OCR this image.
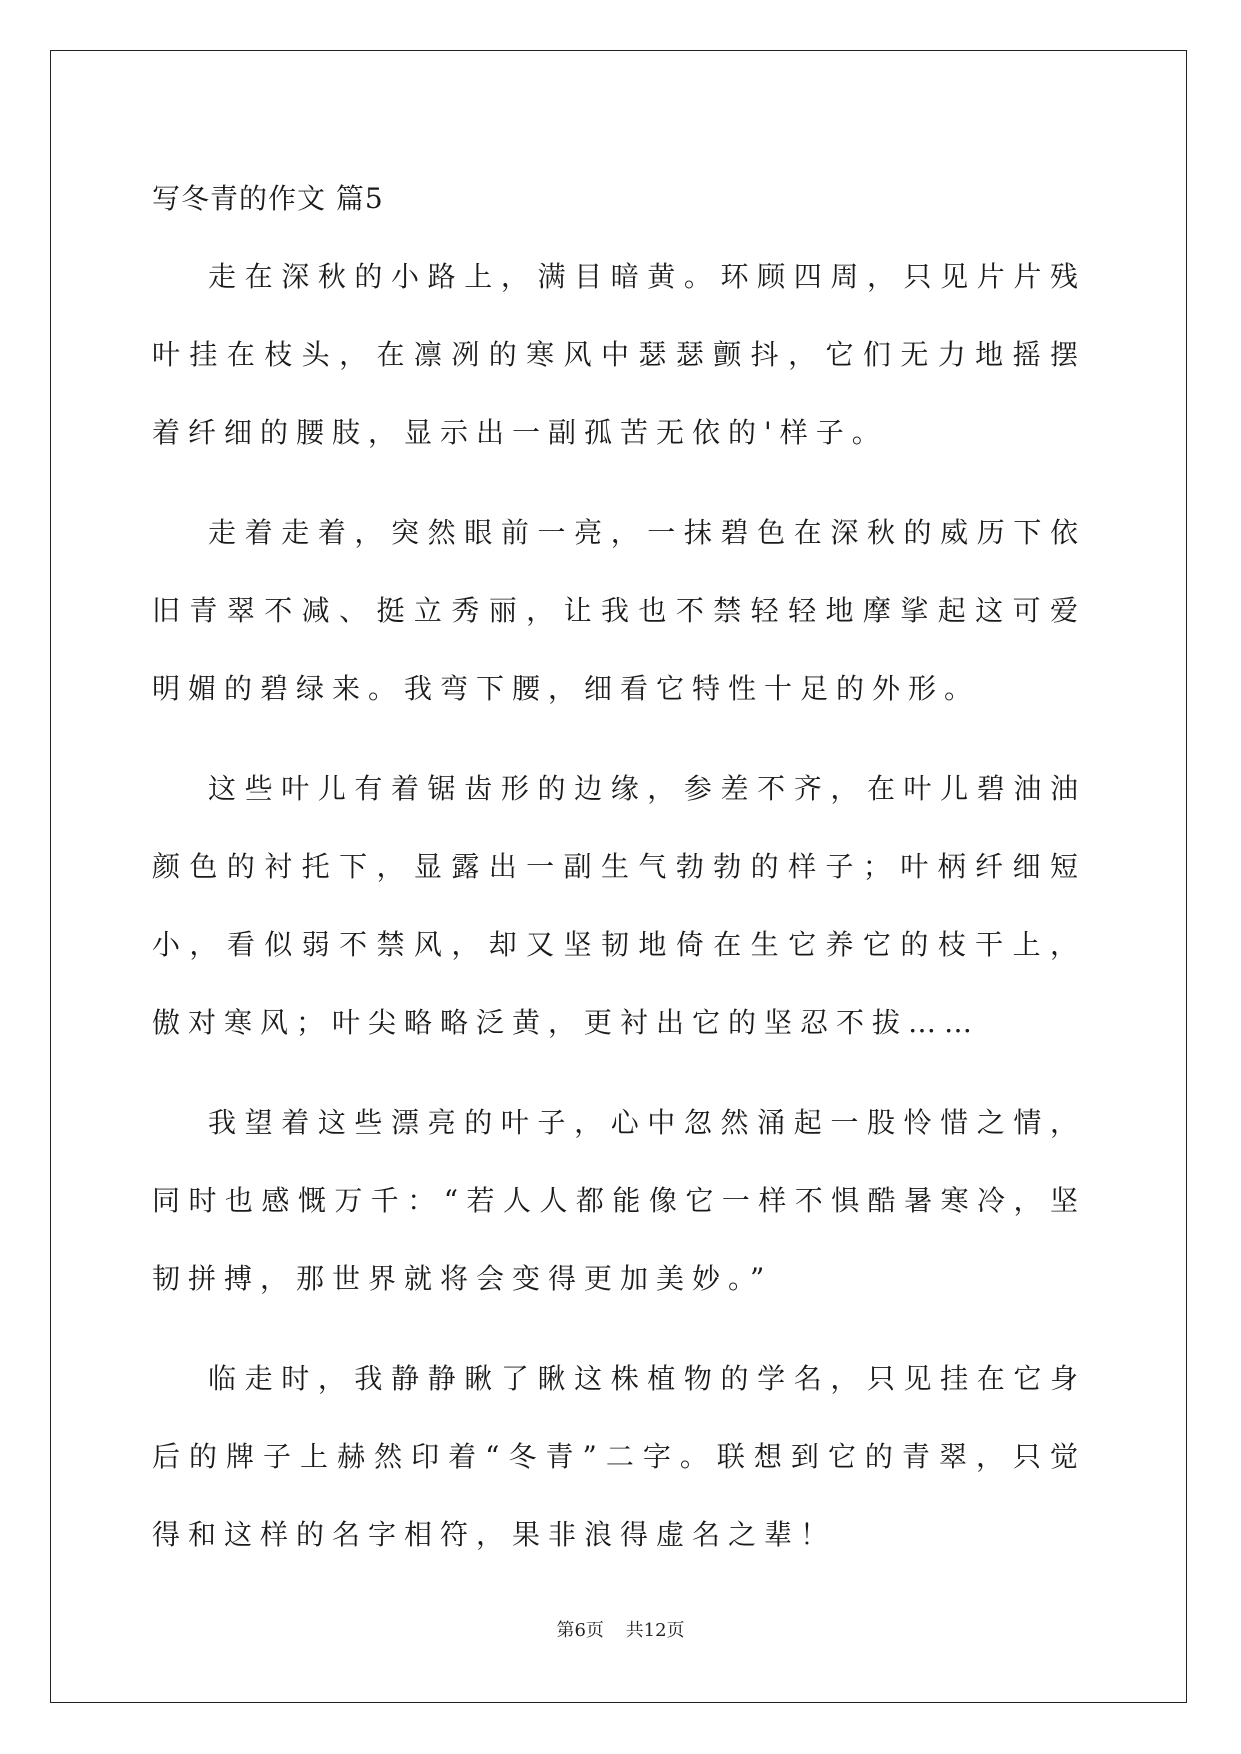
写冬青的作文 篇5

走在深秋的小路上，满目暗黄。环顾四周，只见片片残叶挂在枝头，在凛冽的寒风中瑟瑟颤抖，它们无力地摇摆着纤细的腰肢，显示出一副孤苦无依的'样子。

走着走着，突然眼前一亮，一抹碧色在深秋的威历下依旧青翠不减、挺立秀丽，让我也不禁轻轻地摩挲起这可爱明媚的碧绿来。我弯下腰，细看它特性十足的外形。

这些叶儿有着锯齿形的边缘，参差不齐，在叶儿碧油油颜色的衬托下，显露出一副生气勃勃的样子；叶柄纤细短小，看似弱不禁风，却又坚韧地倚在生它养它的枝干上，傲对寒风；叶尖略略泛黄，更衬出它的坚忍不拔……

我望着这些漂亮的叶子，心中忽然涌起一股怜惜之情，同时也感慨万千：“若人人都能像它一样不惧酷暑寒冷，坚韧拼搏，那世界就将会变得更加美妙。”

临走时，我静静瞅了瞅这株植物的学名，只见挂在它身后的牌子上赫然印着“冬青”二字。联想到它的青翠，只觉得和这样的名字相符，果非浪得虚名之辈！

第6页 共12页
